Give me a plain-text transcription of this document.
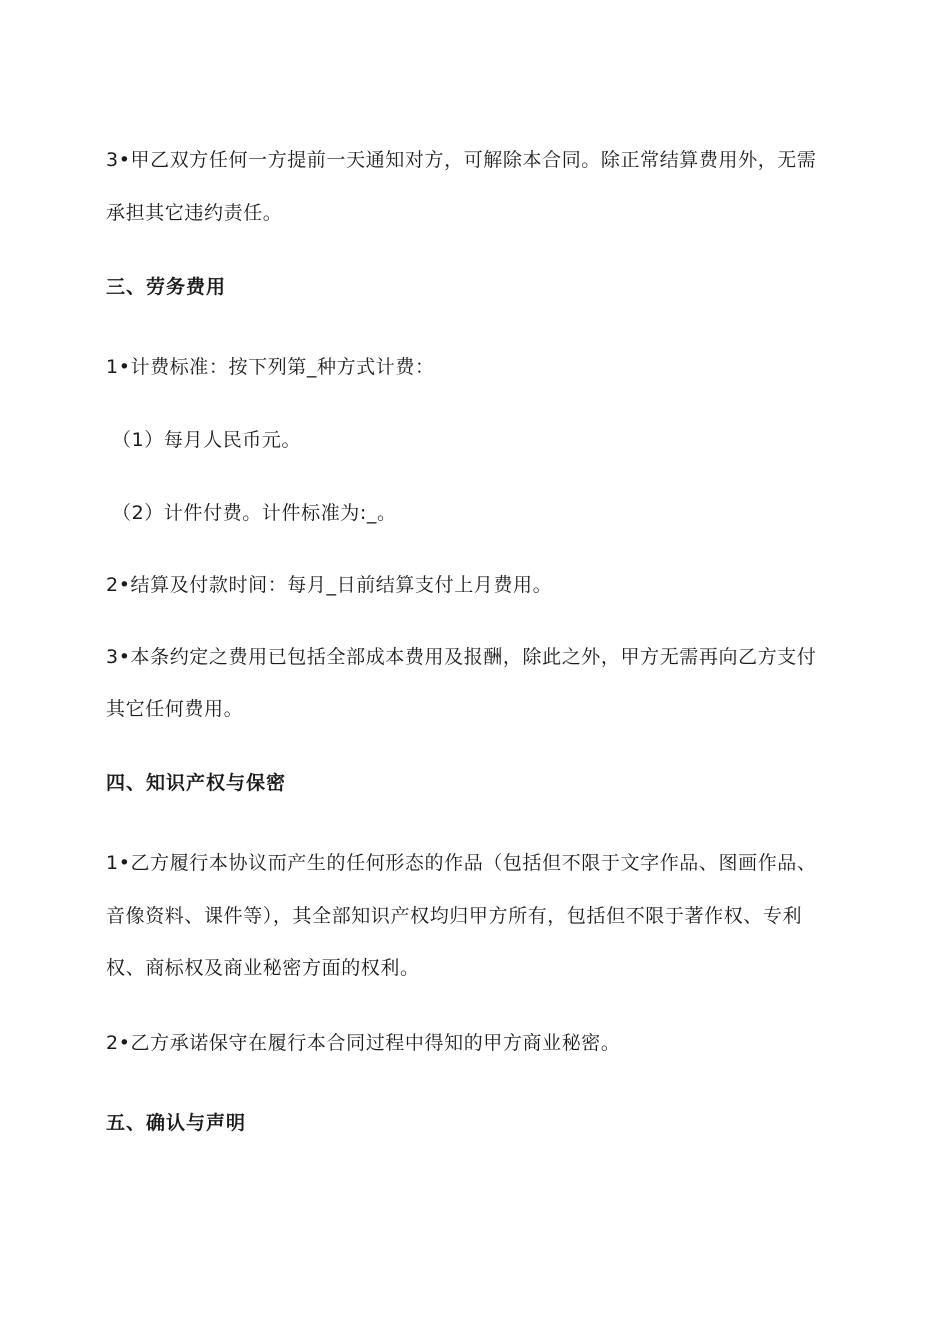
3•甲乙双方任何一方提前一天通知对方，可解除本合同。除正常结算费用外，无需
承担其它违约责任。
三、劳务费用
1•计费标准：按下列第_种方式计费：
（1）每月人民币元。
（2）计件付费。计件标准为:_。
2•结算及付款时间：每月_日前结算支付上月费用。
3•本条约定之费用已包括全部成本费用及报酬，除此之外，甲方无需再向乙方支付
其它任何费用。
四、知识产权与保密
1•乙方履行本协议而产生的任何形态的作品（包括但不限于文字作品、图画作品、
音像资料、课件等），其全部知识产权均归甲方所有，包括但不限于著作权、专利
权、商标权及商业秘密方面的权利。
2•乙方承诺保守在履行本合同过程中得知的甲方商业秘密。
五、确认与声明
